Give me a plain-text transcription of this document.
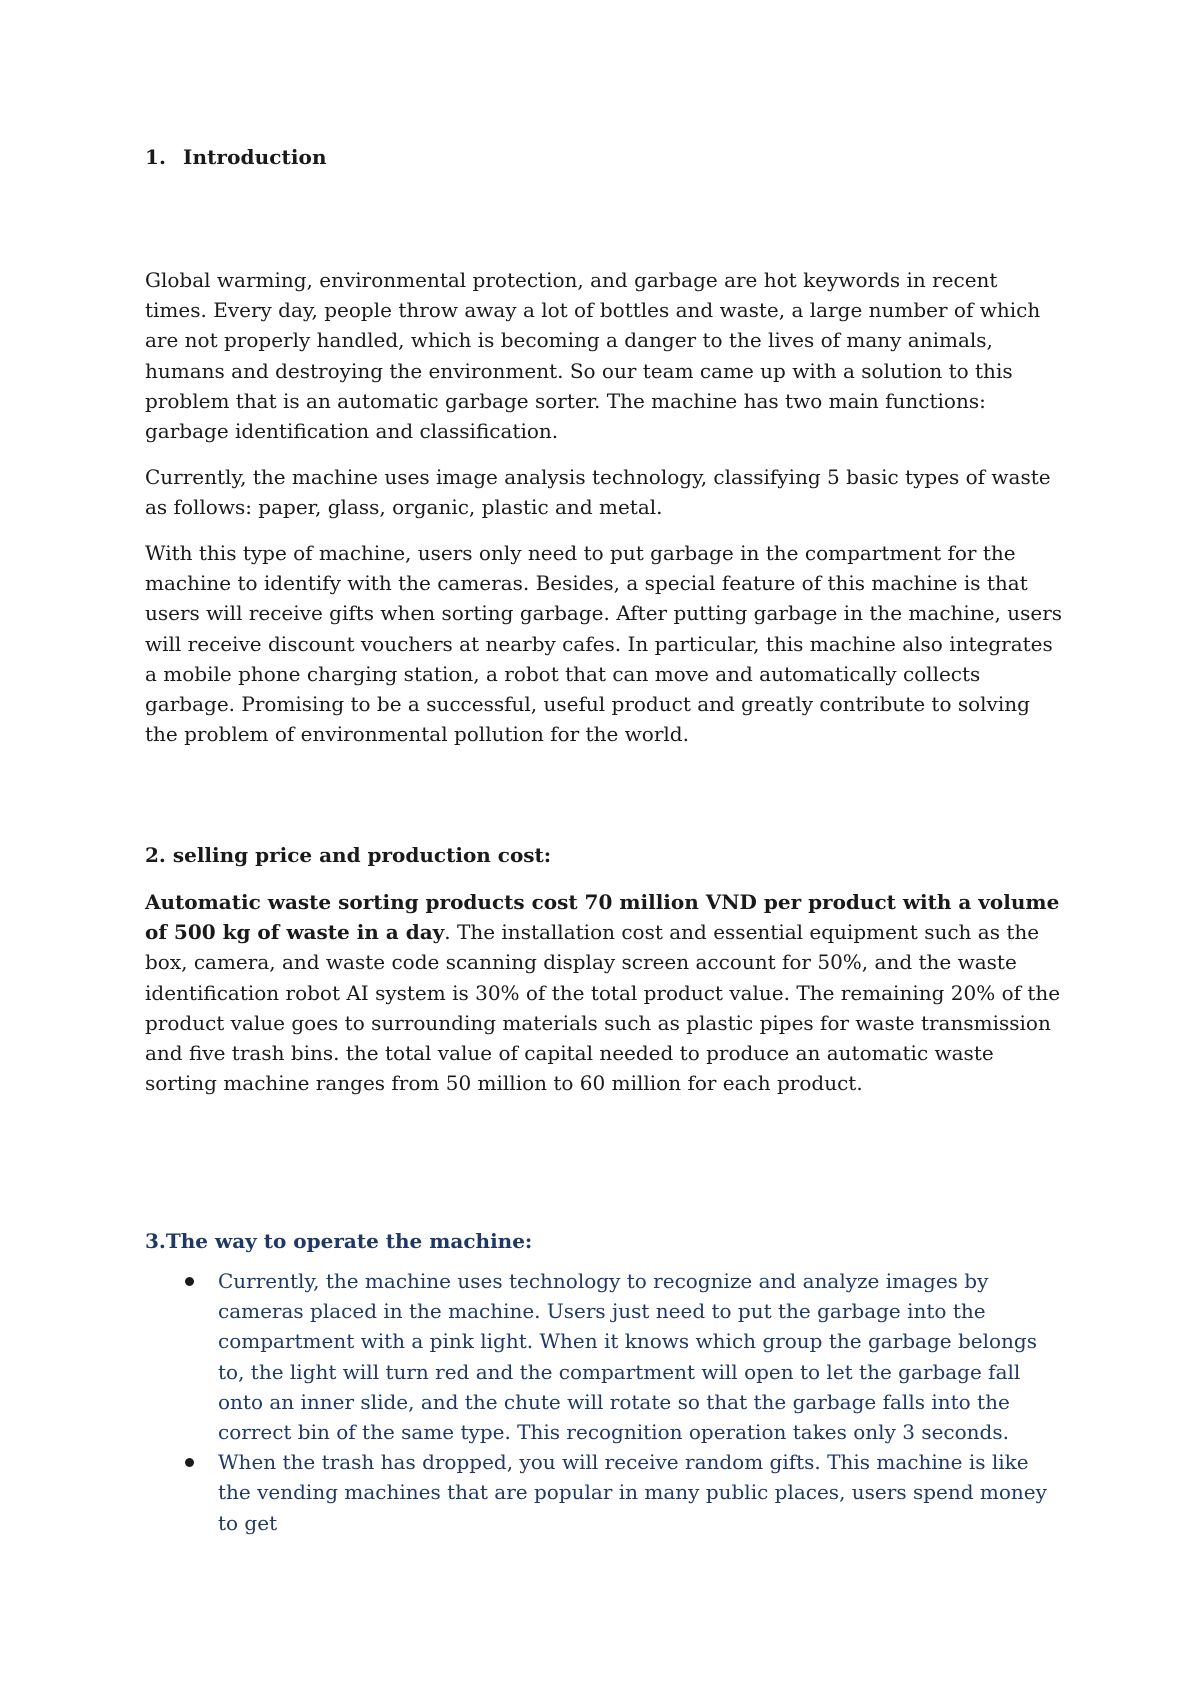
1. Introduction

Global warming, environmental protection, and garbage are hot keywords in recent times. Every day, people throw away a lot of bottles and waste, a large number of which are not properly handled, which is becoming a danger to the lives of many animals, humans and destroying the environment. So our team came up with a solution to this problem that is an automatic garbage sorter. The machine has two main functions: garbage identification and classification.

Currently, the machine uses image analysis technology, classifying 5 basic types of waste as follows: paper, glass, organic, plastic and metal.

With this type of machine, users only need to put garbage in the compartment for the machine to identify with the cameras. Besides, a special feature of this machine is that users will receive gifts when sorting garbage. After putting garbage in the machine, users will receive discount vouchers at nearby cafes. In particular, this machine also integrates a mobile phone charging station, a robot that can move and automatically collects garbage. Promising to be a successful, useful product and greatly contribute to solving the problem of environmental pollution for the world.

2. selling price and production cost:

Automatic waste sorting products cost 70 million VND per product with a volume of 500 kg of waste in a day. The installation cost and essential equipment such as the box, camera, and waste code scanning display screen account for 50%, and the waste identification robot AI system is 30% of the total product value. The remaining 20% of the product value goes to surrounding materials such as plastic pipes for waste transmission and five trash bins. the total value of capital needed to produce an automatic waste sorting machine ranges from 50 million to 60 million for each product.

3.The way to operate the machine:
Currently, the machine uses technology to recognize and analyze images by cameras placed in the machine. Users just need to put the garbage into the compartment with a pink light. When it knows which group the garbage belongs to, the light will turn red and the compartment will open to let the garbage fall onto an inner slide, and the chute will rotate so that the garbage falls into the correct bin of the same type. This recognition operation takes only 3 seconds.
When the trash has dropped, you will receive random gifts. This machine is like the vending machines that are popular in many public places, users spend money to get
